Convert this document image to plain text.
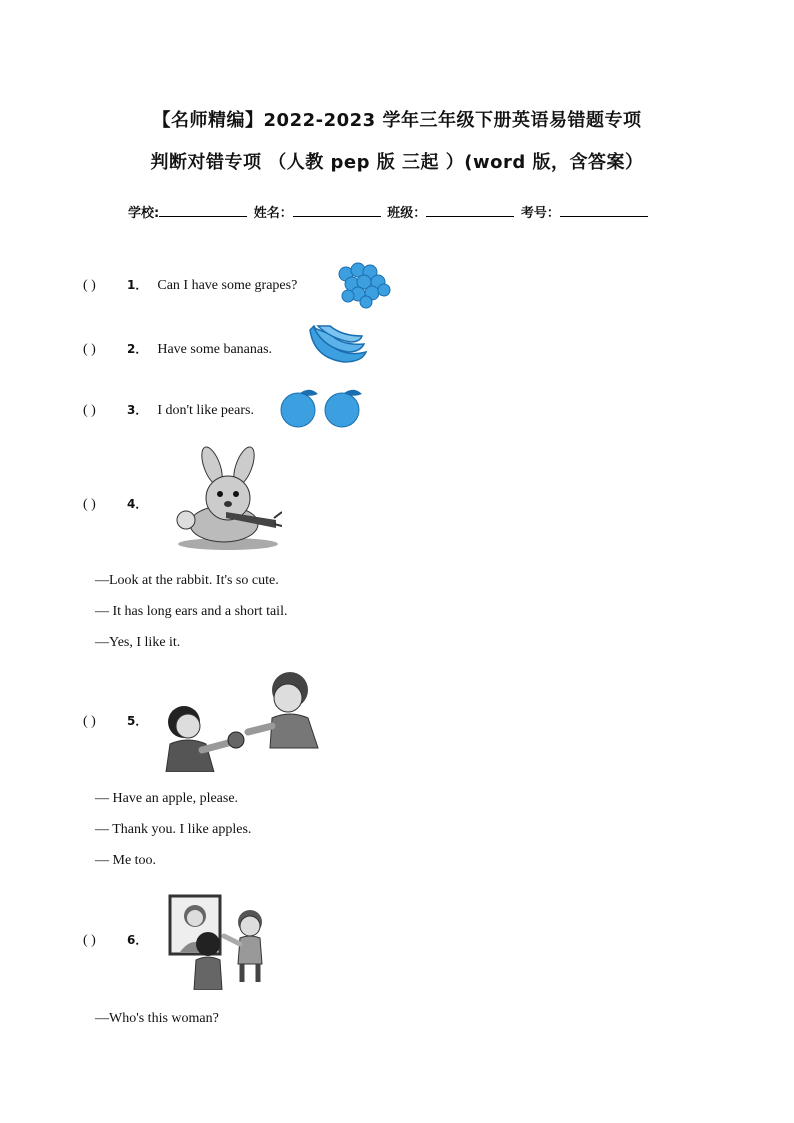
【名师精编】2022-2023 学年三年级下册英语易错题专项
判断对错专项 （人教 pep 版 三起 ）(word 版，含答案）
学校:	姓名：	班级：	考号：
( )	1． Can I have some grapes?
( )	2． Have some bananas.
( )	3． I don't like pears.
( )	4．
—Look at the rabbit. It's so cute.
— It has long ears and a short tail.
—Yes, I like it.
( )	5．
— Have an apple, please.
— Thank you. I like apples.
— Me too.
( )	6．
—Who's this woman?
